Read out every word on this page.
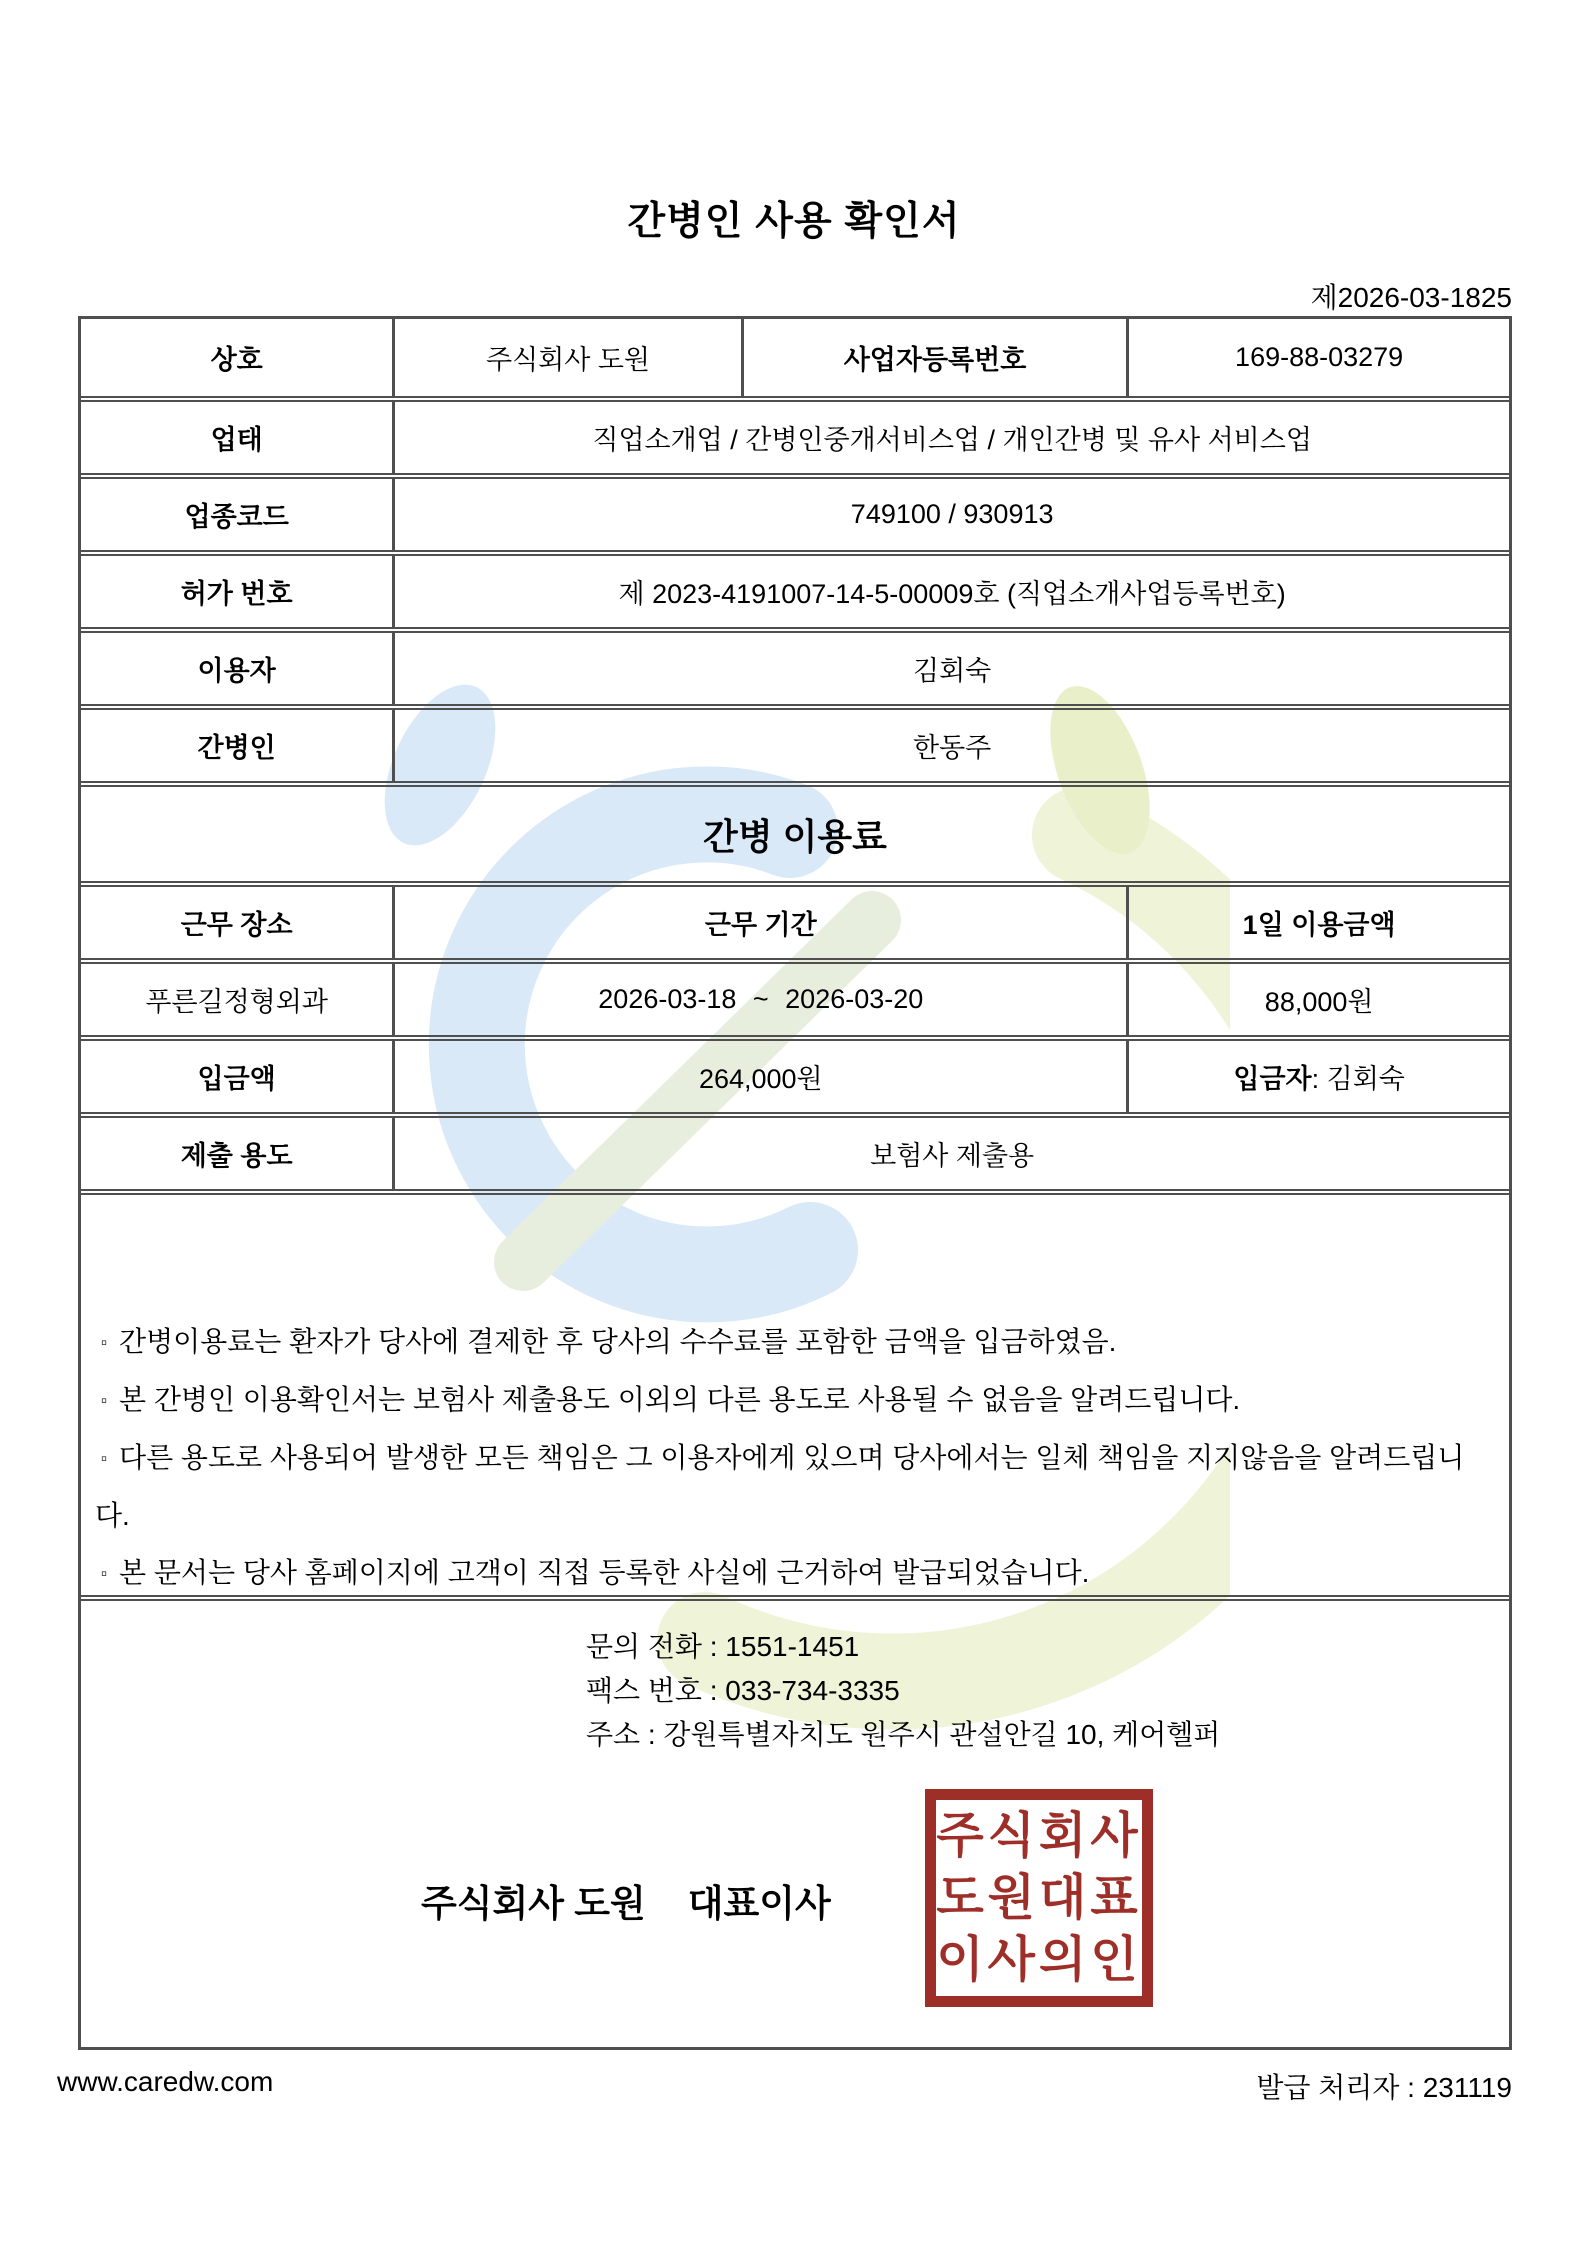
간병인 사용 확인서
제2026-03-1825
상호	주식회사 도원	사업자등록번호	169-88-03279
업태	직업소개업 / 간병인중개서비스업 / 개인간병 및 유사 서비스업
업종코드	749100 / 930913
허가 번호	제 2023-4191007-14-5-00009호 (직업소개사업등록번호)
이용자	김회숙
간병인	한동주
간병 이용료
근무 장소	근무 기간	1일 이용금액
푸른길정형외과	2026-03-18 ~ 2026-03-20	88,000원
입금액	264,000원	입금자 : 김회숙
제출 용도	보험사 제출용
▫ 간병이용료는 환자가 당사에 결제한 후 당사의 수수료를 포함한 금액을 입금하였음.
▫ 본 간병인 이용확인서는 보험사 제출용도 이외의 다른 용도로 사용될 수 없음을 알려드립니다.
▫ 다른 용도로 사용되어 발생한 모든 책임은 그 이용자에게 있으며 당사에서는 일체 책임을 지지않음을 알려드립니다.
▫ 본 문서는 당사 홈페이지에 고객이 직접 등록한 사실에 근거하여 발급되었습니다.
문의 전화 : 1551-1451
팩스 번호 : 033-734-3335
주소 : 강원특별자치도 원주시 관설안길 10, 케어헬퍼
주식회사 도원 대표이사
주식회사
도원대표
이사의인
www.caredw.com	발급 처리자 : 231119
